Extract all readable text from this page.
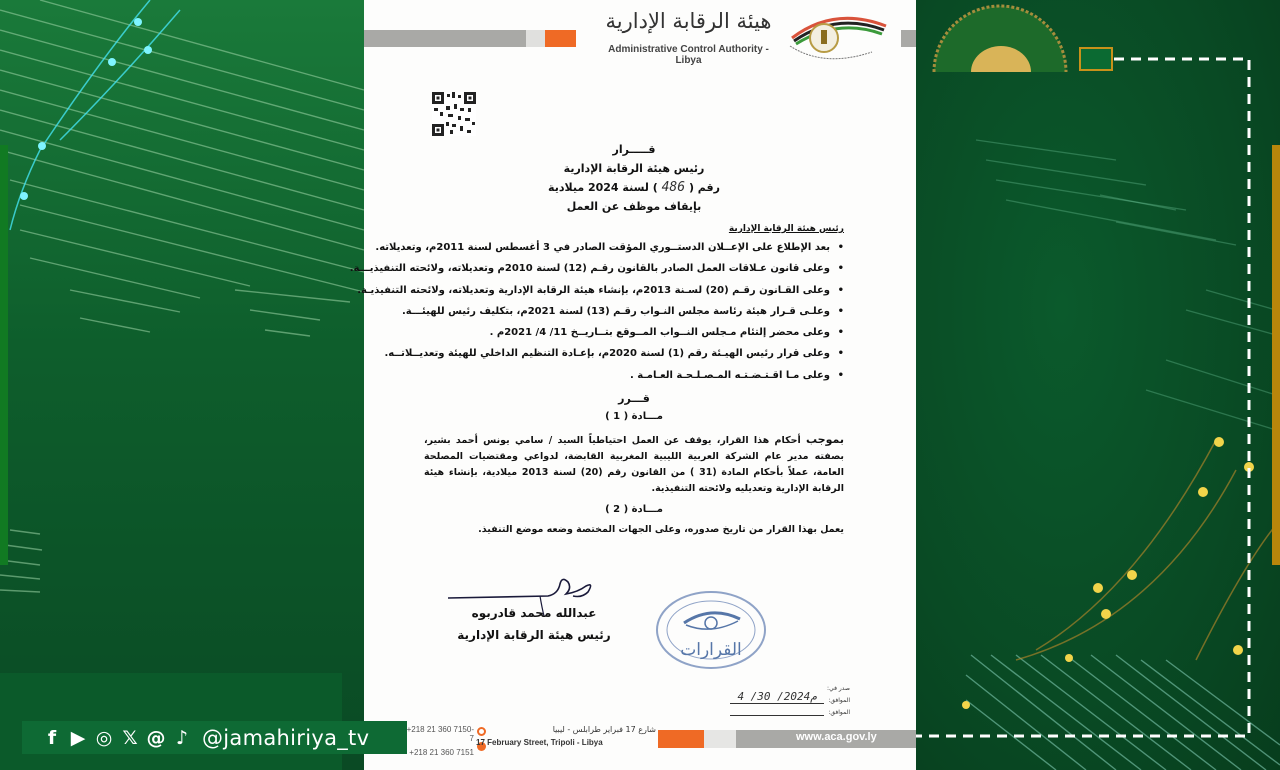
f ▶ ◎ 𝕏 @ ♪ @jamahiriya_tv
هيئة الرقابة الإدارية
Administrative Control Authority - Libya
قـــــرار
رئيس هيئة الرقابة الإدارية
رقم ( 486 ) لسنة 2024 ميلادية
بإيقاف موظف عن العمل
رئيس هيئة الرقابة الإدارية
• بعد الإطلاع على الإعــلان الدستــوري المؤقت الصادر في 3 أغسطس لسنة 2011م، وتعديلاته.
• وعلى قانون عـلاقات العمل الصادر بالقانون رقـم (12) لسنة 2010م وتعديلاته، ولائحته التنفيذيـــة.
• وعلى القـانون رقـم (20) لسـنة 2013م، بإنشاء هيئة الرقابة الإدارية وتعديلاته، ولائحته التنفيذيـة.
• وعلـى قـرار هيئة رئاسة مجلس النـواب رقـم (13) لسنة 2021م، بتكليف رئيس للهيئـــة.
• وعلى محضر إلتئام مـجلس النــواب المــوقع بتــاريــخ 11/ 4/ 2021م .
• وعلى قرار رئيس الهيـئة رقم (1) لسنة 2020م، بإعـادة التنظيم الداخلي للهيئة وتعديــلاتــه.
• وعلى مـا اقـتـضـتـه المـصـلـحـة العـامـة .
قـــرر
مـــادة ( 1 )
بموجب أحكام هذا القرار، يوقف عن العمل احتياطياً السيد / سامي يونس أحمد بشير، بصفته مدير عام الشركة العربية الليبية المغربية القابضة، لدواعي ومقتضيات المصلحة العامة، عملاً بأحكام المادة (31 ) من القانون رقم (20) لسنة 2013 ميلادية، بإنشاء هيئة الرقابة الإدارية وتعديليه ولائحته التنفيذية.
مـــادة ( 2 )
يعمل بهذا القرار من تاريخ صدوره، وعلى الجهات المختصة وضعه موضع التنفيذ.
عبدالله محمد قادربوه
رئيس هيئة الرقابة الإدارية
القرارات
صدر في:
الموافق:
4 /30 /2024م
الموافق:
+218 21 360 7150-7
+218 21 360 7151
شارع 17 فبراير طرابلس - ليبيا
17 February Street, Tripoli - Libya	www.aca.gov.ly
